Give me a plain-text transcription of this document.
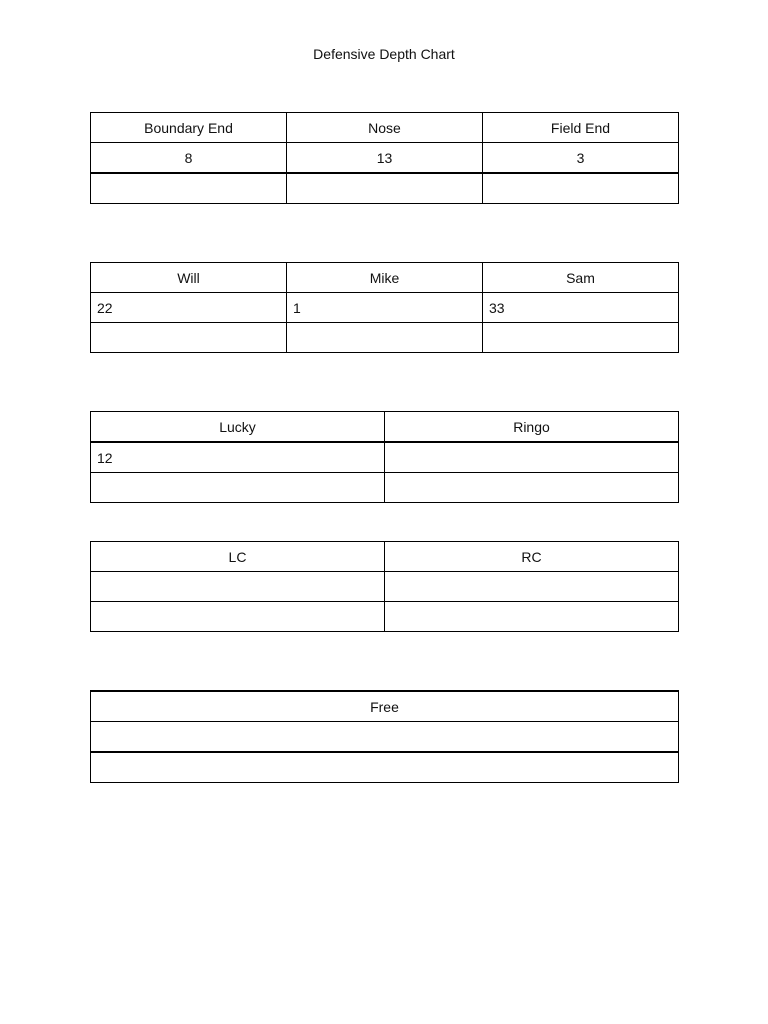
Defensive Depth Chart
Boundary End	Nose	Field End
8	13	3

Will	Mike	Sam
22	1	33

Lucky	Ringo
12	

LC	RC

Free
